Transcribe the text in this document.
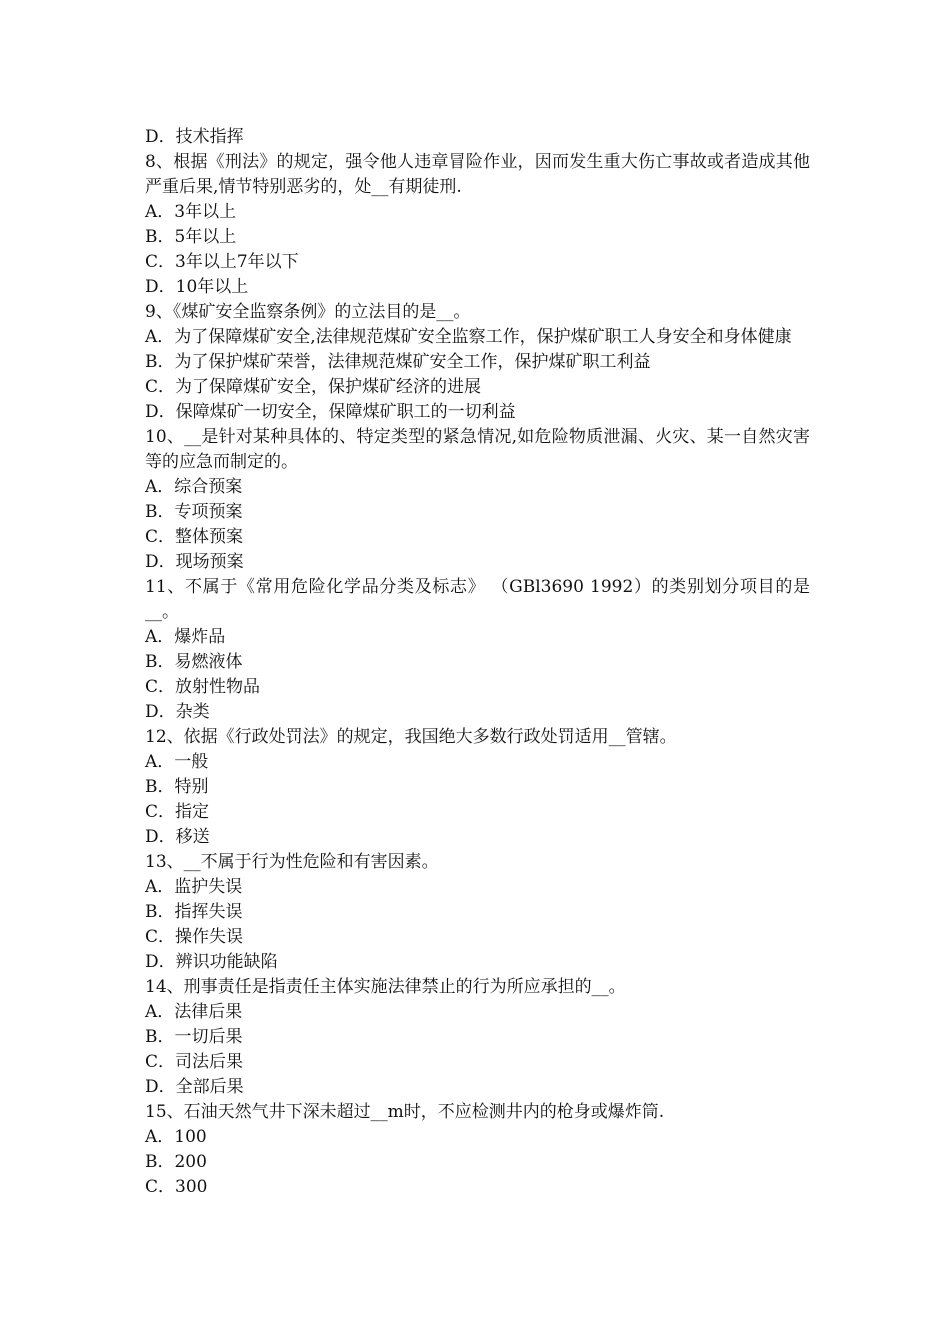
D．技术指挥

8、根据《刑法》的规定，强令他人违章冒险作业，因而发生重大伤亡事故或者造成其他严重后果,情节特别恶劣的，处__有期徒刑.

A．3年以上

B．5年以上

C．3年以上7年以下

D．10年以上

9、《煤矿安全监察条例》的立法目的是__。

A．为了保障煤矿安全,法律规范煤矿安全监察工作，保护煤矿职工人身安全和身体健康

B．为了保护煤矿荣誉，法律规范煤矿安全工作，保护煤矿职工利益

C．为了保障煤矿安全，保护煤矿经济的进展

D．保障煤矿一切安全，保障煤矿职工的一切利益

10、__是针对某种具体的、特定类型的紧急情况,如危险物质泄漏、火灾、某一自然灾害等的应急而制定的。

A．综合预案

B．专项预案

C．整体预案

D．现场预案

11、不属于《常用危险化学品分类及标志》 （GBl3690 1992）的类别划分项目的是__。

A．爆炸品

B．易燃液体

C．放射性物品

D．杂类

12、依据《行政处罚法》的规定，我国绝大多数行政处罚适用__管辖。

A．一般

B．特别

C．指定

D．移送

13、__不属于行为性危险和有害因素。

A．监护失误

B．指挥失误

C．操作失误

D．辨识功能缺陷

14、刑事责任是指责任主体实施法律禁止的行为所应承担的__。

A．法律后果

B．一切后果

C．司法后果

D．全部后果

15、石油天然气井下深未超过__m时，不应检测井内的枪身或爆炸筒.

A．100

B．200

C．300
